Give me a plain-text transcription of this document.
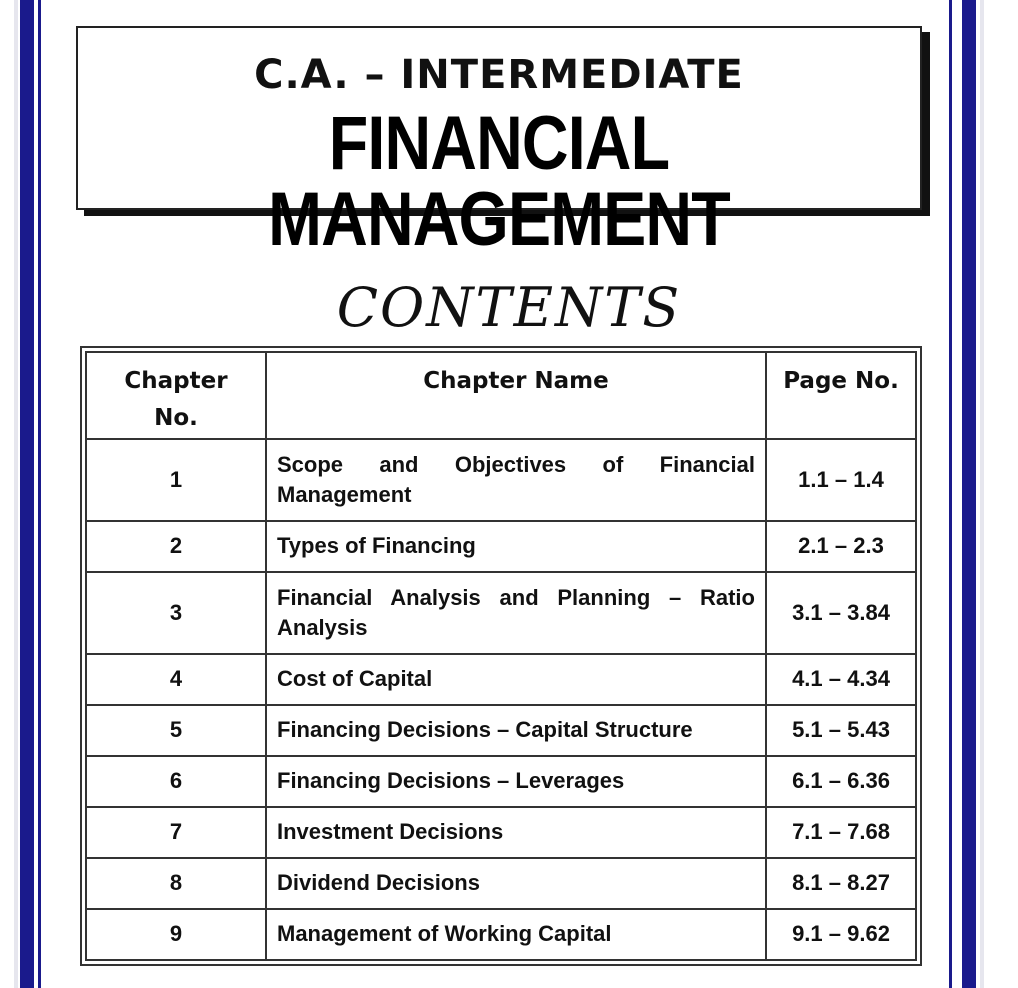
C.A. – INTERMEDIATE
FINANCIAL MANAGEMENT
CONTENTS
Chapter No.	Chapter Name	Page No.
1	Scope and Objectives of Financial Management	1.1 – 1.4
2	Types of Financing	2.1 – 2.3
3	Financial Analysis and Planning – Ratio Analysis	3.1 – 3.84
4	Cost of Capital	4.1 – 4.34
5	Financing Decisions – Capital Structure	5.1 – 5.43
6	Financing Decisions – Leverages	6.1 – 6.36
7	Investment Decisions	7.1 – 7.68
8	Dividend Decisions	8.1 – 8.27
9	Management of Working Capital	9.1 – 9.62
